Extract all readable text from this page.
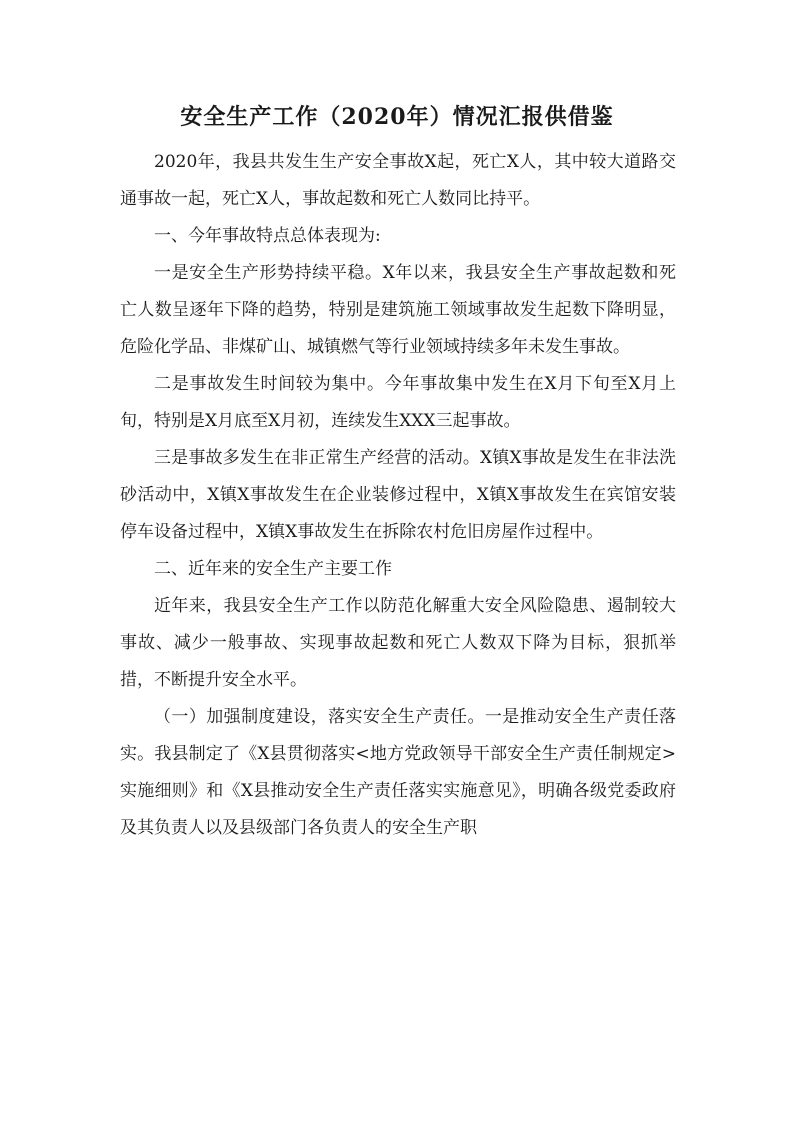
安全生产工作（2020年）情况汇报供借鉴

2020年，我县共发生生产安全事故X起，死亡X人，其中较大道路交通事故一起，死亡X人，事故起数和死亡人数同比持平。

一、今年事故特点总体表现为:

一是安全生产形势持续平稳。X年以来，我县安全生产事故起数和死亡人数呈逐年下降的趋势，特别是建筑施工领域事故发生起数下降明显，危险化学品、非煤矿山、城镇燃气等行业领域持续多年未发生事故。

二是事故发生时间较为集中。今年事故集中发生在X月下旬至X月上旬，特别是X月底至X月初，连续发生XXX三起事故。

三是事故多发生在非正常生产经营的活动。X镇X事故是发生在非法洗砂活动中，X镇X事故发生在企业装修过程中，X镇X事故发生在宾馆安装停车设备过程中，X镇X事故发生在拆除农村危旧房屋作过程中。

二、近年来的安全生产主要工作

近年来，我县安全生产工作以防范化解重大安全风险隐患、遏制较大事故、减少一般事故、实现事故起数和死亡人数双下降为目标，狠抓举措，不断提升安全水平。

（一）加强制度建设，落实安全生产责任。一是推动安全生产责任落实。我县制定了《X县贯彻落实<地方党政领导干部安全生产责任制规定>实施细则》和《X县推动安全生产责任落实实施意见》，明确各级党委政府及其负责人以及县级部门各负责人的安全生产职
